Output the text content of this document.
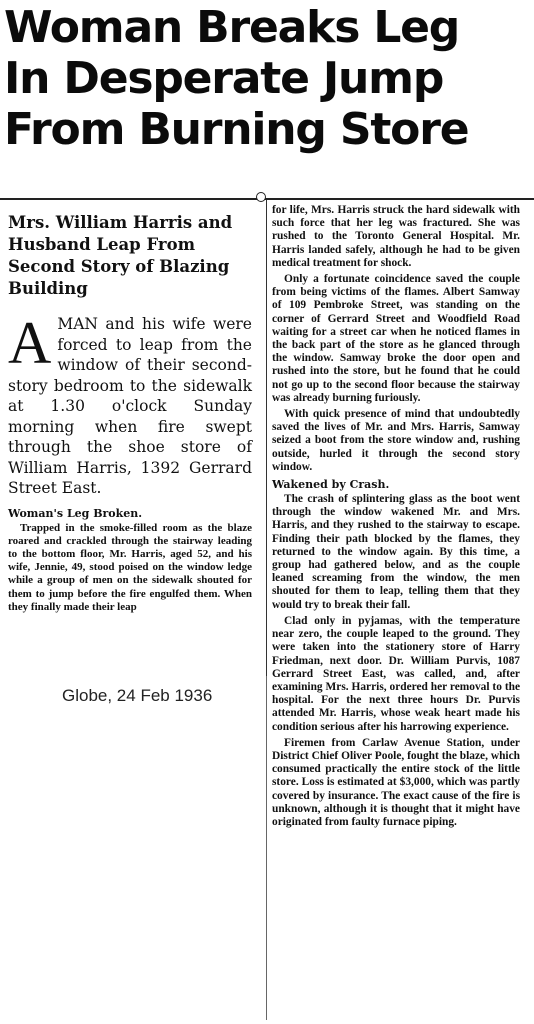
Woman Breaks Leg
In Desperate Jump
From Burning Store
Mrs. William Harris and Husband Leap From Second Story of Blazing Building
A MAN and his wife were forced to leap from the window of their second-story bedroom to the sidewalk at 1.30 o'clock Sunday morning when fire swept through the shoe store of William Harris, 1392 Gerrard Street East.
Woman's Leg Broken.

Trapped in the smoke-filled room as the blaze roared and crackled through the stairway leading to the bottom floor, Mr. Harris, aged 52, and his wife, Jennie, 49, stood poised on the window ledge while a group of men on the sidewalk shouted for them to jump before the fire engulfed them. When they finally made their leap

Globe, 24 Feb 1936

for life, Mrs. Harris struck the hard sidewalk with such force that her leg was fractured. She was rushed to the Toronto General Hospital. Mr. Harris landed safely, although he had to be given medical treatment for shock.

Only a fortunate coincidence saved the couple from being victims of the flames. Albert Samway of 109 Pembroke Street, was standing on the corner of Gerrard Street and Woodfield Road waiting for a street car when he noticed flames in the back part of the store as he glanced through the window. Samway broke the door open and rushed into the store, but he found that he could not go up to the second floor because the stairway was already burning furiously.

With quick presence of mind that undoubtedly saved the lives of Mr. and Mrs. Harris, Samway seized a boot from the store window and, rushing outside, hurled it through the second story window.

Wakened by Crash.

The crash of splintering glass as the boot went through the window wakened Mr. and Mrs. Harris, and they rushed to the stairway to escape. Finding their path blocked by the flames, they returned to the window again. By this time, a group had gathered below, and as the couple leaned screaming from the window, the men shouted for them to leap, telling them that they would try to break their fall.

Clad only in pyjamas, with the temperature near zero, the couple leaped to the ground. They were taken into the stationery store of Harry Friedman, next door. Dr. William Purvis, 1087 Gerrard Street East, was called, and, after examining Mrs. Harris, ordered her removal to the hospital. For the next three hours Dr. Purvis attended Mr. Harris, whose weak heart made his condition serious after his harrowing experience.

Firemen from Carlaw Avenue Station, under District Chief Oliver Poole, fought the blaze, which consumed practically the entire stock of the little store. Loss is estimated at $3,000, which was partly covered by insurance. The exact cause of the fire is unknown, although it is thought that it might have originated from faulty furnace piping.
